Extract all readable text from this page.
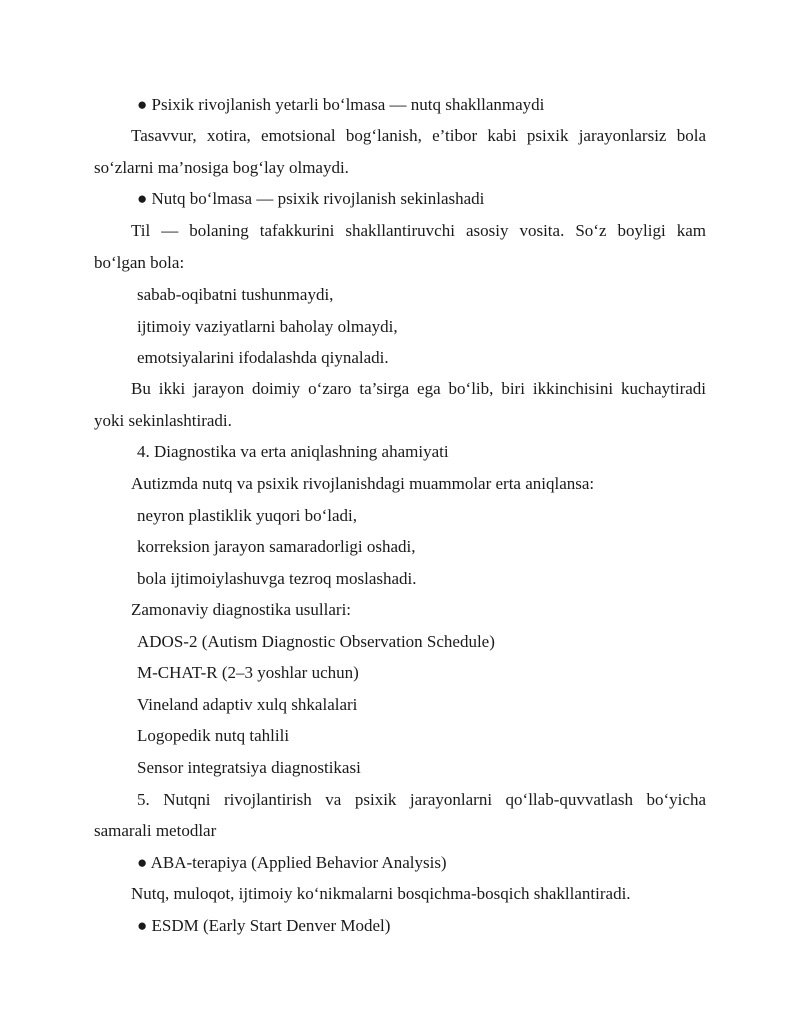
● Psixik rivojlanish yetarli bo‘lmasa — nutq shakllanmaydi
Tasavvur, xotira, emotsional bog‘lanish, e’tibor kabi psixik jarayonlarsiz bola
so‘zlarni ma’nosiga bog‘lay olmaydi.
● Nutq bo‘lmasa — psixik rivojlanish sekinlashadi
Til — bolaning tafakkurini shakllantiruvchi asosiy vosita. So‘z boyligi kam
bo‘lgan bola:
sabab-oqibatni tushunmaydi,
ijtimoiy vaziyatlarni baholay olmaydi,
emotsiyalarini ifodalashda qiynaladi.
Bu ikki jarayon doimiy o‘zaro ta’sirga ega bo‘lib, biri ikkinchisini kuchaytiradi
yoki sekinlashtiradi.
4. Diagnostika va erta aniqlashning ahamiyati
Autizmda nutq va psixik rivojlanishdagi muammolar erta aniqlansa:
neyron plastiklik yuqori bo‘ladi,
korreksion jarayon samaradorligi oshadi,
bola ijtimoiylashuvga tezroq moslashadi.
Zamonaviy diagnostika usullari:
ADOS-2 (Autism Diagnostic Observation Schedule)
M-CHAT-R (2–3 yoshlar uchun)
Vineland adaptiv xulq shkalalari
Logopedik nutq tahlili
Sensor integratsiya diagnostikasi
5. Nutqni rivojlantirish va psixik jarayonlarni qo‘llab-quvvatlash bo‘yicha
samarali metodlar
● ABA-terapiya (Applied Behavior Analysis)
Nutq, muloqot, ijtimoiy ko‘nikmalarni bosqichma-bosqich shakllantiradi.
● ESDM (Early Start Denver Model)
